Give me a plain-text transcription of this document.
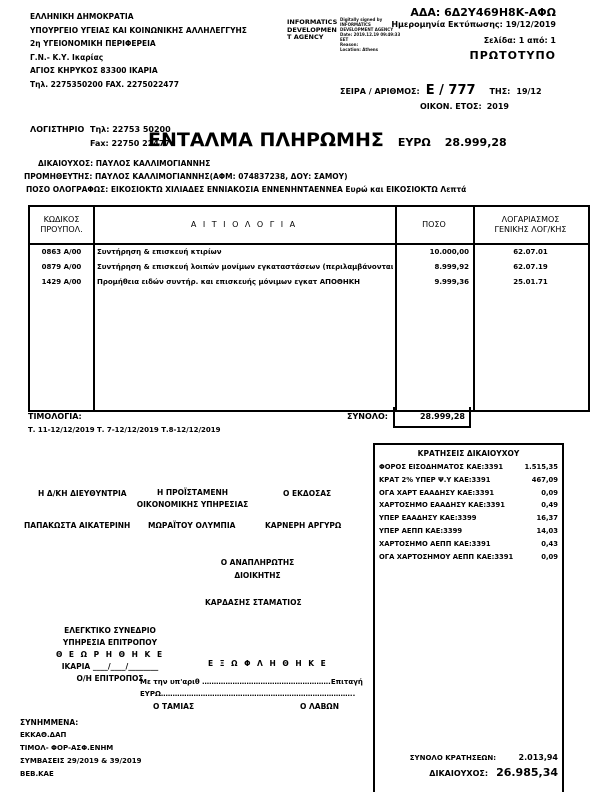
ΕΛΛΗΝΙΚΗ ΔΗΜΟΚΡΑΤΙΑ
ΥΠΟΥΡΓΕΙΟ ΥΓΕΙΑΣ ΚΑΙ ΚΟΙΝΩΝΙΚΗΣ ΑΛΛΗΛΕΓΓΥΗΣ
2η ΥΓΕΙΟΝΟΜΙΚΗ ΠΕΡΙΦΕΡΕΙΑ
Γ.Ν.- Κ.Υ. Ικαρίας
ΑΓΙΟΣ ΚΗΡΥΚΟΣ 83300 ΙΚΑΡΙΑ
Τηλ. 2275350200 FAX. 2275022477
INFORMATICS
DEVELOPMEN
T AGENCY
Digitally signed by
INFORMATICS
DEVELOPMENT AGENCY
Date: 2019.12.19 09:49:33
EET
Reason:
Location: Athens
ΑΔΑ: 6Δ2Υ469Η8Κ-ΑΦΩ
Ημερομηνία Εκτύπωσης: 19/12/2019
Σελίδα: 1 από: 1
ΠΡΩΤΟΤΥΠΟ
ΣΕΙΡΑ / ΑΡΙΘΜΟΣ: Ε / 777 ΤΗΣ: 19/12
ΟΙΚΟΝ. ΕΤΟΣ: 2019
ΛΟΓΙΣΤΗΡΙΟ Τηλ: 22753 50200
Fax: 22750 22477
ΕΝΤΑΛΜΑ ΠΛΗΡΩΜΗΣ ΕΥΡΩ 28.999,28
ΔΙΚΑΙΟΥΧΟΣ: ΠΑΥΛΟΣ ΚΑΛΛΙΜΟΓΙΑΝΝΗΣ
ΠΡΟΜΗΘΕΥΤΗΣ: ΠΑΥΛΟΣ ΚΑΛΛΙΜΟΓΙΑΝΝΗΣ(ΑΦΜ: 074837238, ΔΟΥ: ΣΑΜΟΥ)
ΠΟΣΟ ΟΛΟΓΡΑΦΩΣ: ΕΙΚΟΣΙΟΚΤΩ ΧΙΛΙΑΔΕΣ ΕΝΝΙΑΚΟΣΙΑ ΕΝΝΕΝΗΝΤΑΕΝΝΕΑ Ευρώ και ΕΙΚΟΣΙΟΚΤΩ Λεπτά
ΚΩΔΙΚΟΣ
ΠΡΟΥΠΟΛ.
Α Ι Τ Ι Ο Λ Ο Γ Ι Α	ΠΟΣΟ
ΛΟΓΑΡΙΑΣΜΟΣ
ΓΕΝΙΚΗΣ ΛΟΓ/ΚΗΣ
0863 Α/00	Συντήρηση & επισκευή κτιρίων	10.000,00	62.07.01
0879 Α/00	Συντήρηση & επισκευή λοιπών μονίμων εγκαταστάσεων (περιλαμβάνονται	8.999,92	62.07.19
1429 Α/00	Προμήθεια ειδών συντήρ. και επισκευής μόνιμων εγκατ ΑΠΟΘΗΚΗ	9.999,36	25.01.71
ΣΥΝΟΛΟ:	28.999,28
ΤΙΜΟΛΟΓΙΑ:
Τ. 11-12/12/2019 Τ. 7-12/12/2019 Τ.8-12/12/2019
ΚΡΑΤΗΣΕΙΣ ΔΙΚΑΙΟΥΧΟΥ
ΦΟΡΟΣ ΕΙΣΟΔΗΜΑΤΟΣ ΚΑΕ:3391	1.515,35
ΚΡΑΤ 2% ΥΠΕΡ Ψ.Υ ΚΑΕ:3391	467,09
ΟΓΑ ΧΑΡΤ ΕΑΑΔΗΣΥ ΚΑΕ:3391	0,09
ΧΑΡΤΟΣΗΜΟ ΕΑΑΔΗΣΥ ΚΑΕ:3391	0,49
ΥΠΕΡ ΕΑΑΔΗΣΥ ΚΑΕ:3399	16,37
ΥΠΕΡ ΑΕΠΠ ΚΑΕ:3399	14,03
ΧΑΡΤΟΣΗΜΟ ΑΕΠΠ ΚΑΕ:3391	0,43
ΟΓΑ ΧΑΡΤΟΣΗΜΟΥ ΑΕΠΠ ΚΑΕ:3391	0,09
ΣΥΝΟΛΟ ΚΡΑΤΗΣΕΩΝ:	2.013,94
ΔΙΚΑΙΟΥΧΟΣ: 26.985,34
Η Δ/ΚΗ ΔΙΕΥΘΥΝΤΡΙΑ	Η ΠΡΟΪΣΤΑΜΕΝΗ
ΟΙΚΟΝΟΜΙΚΗΣ ΥΠΗΡΕΣΙΑΣ
Ο ΕΚΔΟΣΑΣ
ΠΑΠΑΚΩΣΤΑ ΑΙΚΑΤΕΡΙΝΗ ΜΩΡΑΪΤΟΥ ΟΛΥΜΠΙΑ	ΚΑΡΝΕΡΗ ΑΡΓΥΡΩ
Ο ΑΝΑΠΛΗΡΩΤΗΣ
ΔΙΟΙΚΗΤΗΣ
ΚΑΡΔΑΣΗΣ ΣΤΑΜΑΤΙΟΣ
ΕΛΕΓΚΤΙΚΟ ΣΥΝΕΔΡΙΟ
ΥΠΗΡΕΣΙΑ ΕΠΙΤΡΟΠΟΥ
Θ Ε Ω Ρ Η Θ Η Κ Ε
ΙΚΑΡΙΑ ____/____/________
Ο/Η ΕΠΙΤΡΟΠΟΣ
Ε Ξ Ω Φ Λ Η Θ Η Κ Ε
Με την υπ'αριθ ……………………………………………….Επιταγή
ΕΥΡΩ………………………………………………………………………..
Ο ΤΑΜΙΑΣ	Ο ΛΑΒΩΝ
ΣΥΝΗΜΜΕΝΑ:
ΕΚΚΑΘ.ΔΑΠ
ΤΙΜΟΛ- ΦΟΡ-ΑΣΦ.ΕΝΗΜ
ΣΥΜΒΑΣΕΙΣ 29/2019 & 39/2019
ΒΕΒ.ΚΑΕ
